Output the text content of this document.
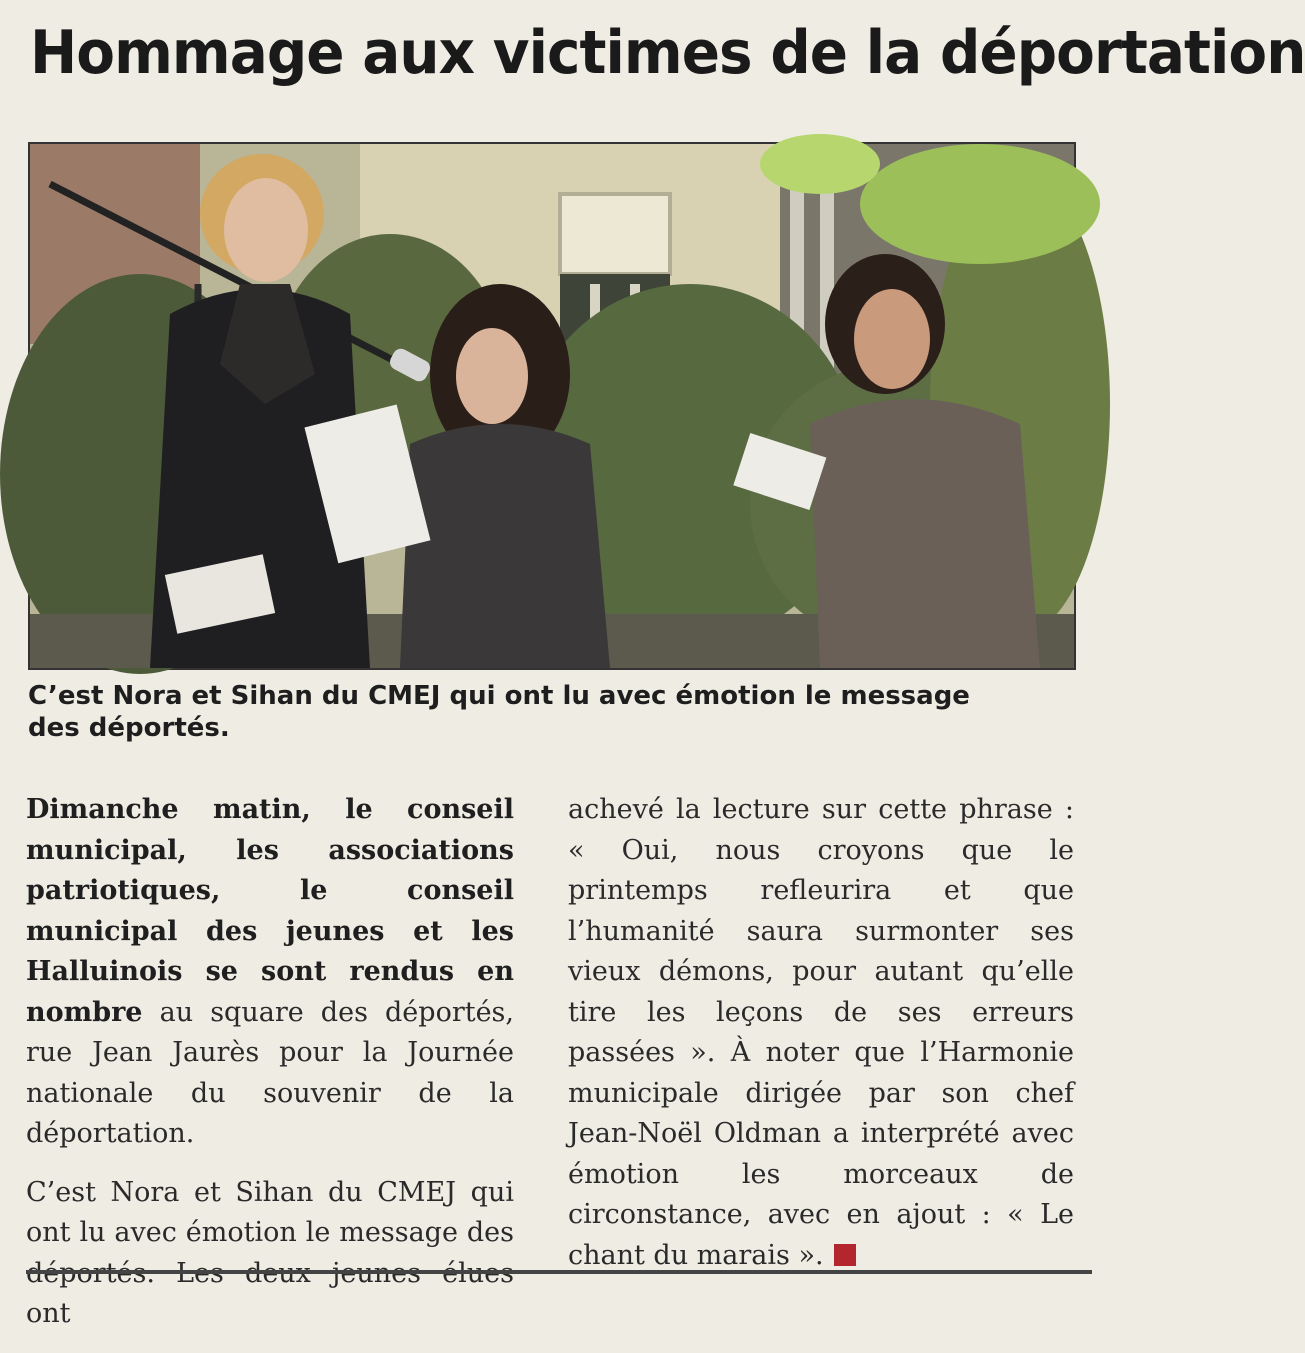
Hommage aux victimes de la déportation
C’est Nora et Sihan du CMEJ qui ont lu avec émotion le message
des déportés.

Dimanche matin, le conseil municipal, les associations patriotiques, le conseil municipal des jeunes et les Halluinois se sont rendus en nombre au square des déportés, rue Jean Jaurès pour la Journée nationale du souvenir de la déportation.

C’est Nora et Sihan du CMEJ qui ont lu avec émotion le message des ont

achevé la lecture sur cette phrase : « Oui, nous croyons que le printemps refleurira et que l’humanité saura surmonter ses vieux démons, pour autant qu’elle tire les leçons de ses erreurs passées ». À noter que l’Harmonie municipale dirigée par son chef Jean-Noël Oldman a interprété avec émotion les morceaux de circonstance, avec en ajout : « Le chant du marais ».
